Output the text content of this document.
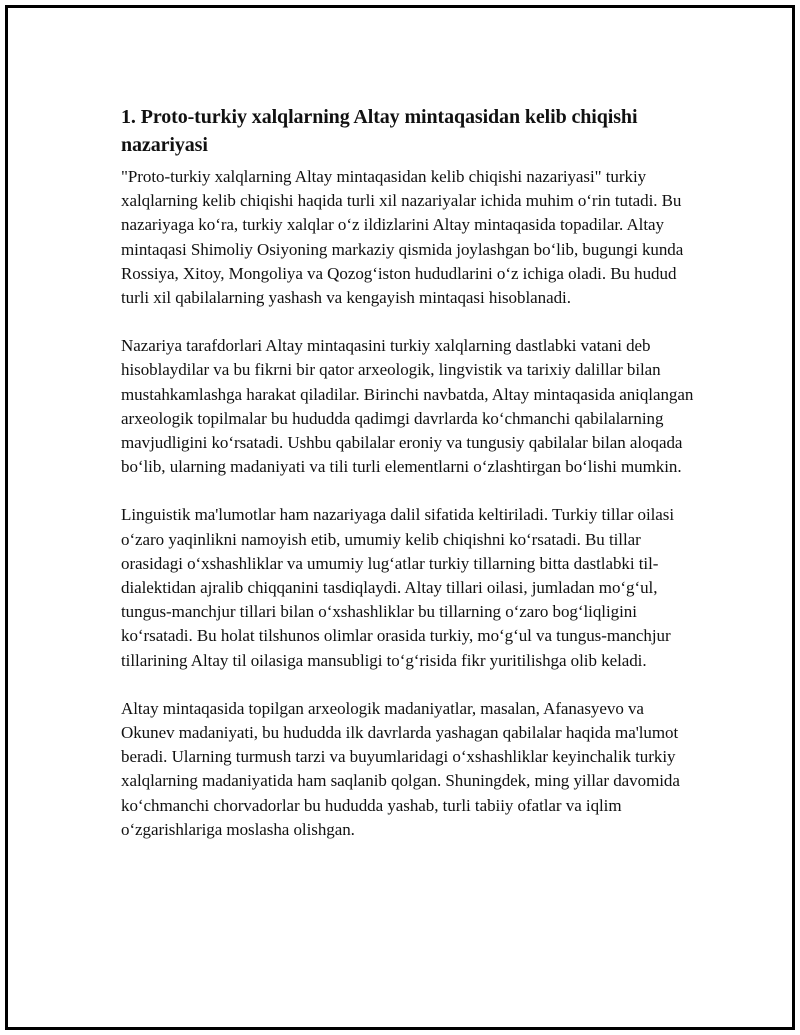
1. Proto-turkiy xalqlarning Altay mintaqasidan kelib chiqishi nazariyasi

"Proto-turkiy xalqlarning Altay mintaqasidan kelib chiqishi nazariyasi" turkiy xalqlarning kelib chiqishi haqida turli xil nazariyalar ichida muhim o‘rin tutadi. Bu nazariyaga ko‘ra, turkiy xalqlar o‘z ildizlarini Altay mintaqasida topadilar. Altay mintaqasi Shimoliy Osiyoning markaziy qismida joylashgan bo‘lib, bugungi kunda Rossiya, Xitoy, Mongoliya va Qozog‘iston hududlarini o‘z ichiga oladi. Bu hudud turli xil qabilalarning yashash va kengayish mintaqasi hisoblanadi.

Nazariya tarafdorlari Altay mintaqasini turkiy xalqlarning dastlabki vatani deb hisoblaydilar va bu fikrni bir qator arxeologik, lingvistik va tarixiy dalillar bilan mustahkamlashga harakat qiladilar. Birinchi navbatda, Altay mintaqasida aniqlangan arxeologik topilmalar bu hududda qadimgi davrlarda ko‘chmanchi qabilalarning mavjudligini ko‘rsatadi. Ushbu qabilalar eroniy va tungusiy qabilalar bilan aloqada bo‘lib, ularning madaniyati va tili turli elementlarni o‘zlashtirgan bo‘lishi mumkin.

Linguistik ma'lumotlar ham nazariyaga dalil sifatida keltiriladi. Turkiy tillar oilasi o‘zaro yaqinlikni namoyish etib, umumiy kelib chiqishni ko‘rsatadi. Bu tillar orasidagi o‘xshashliklar va umumiy lug‘atlar turkiy tillarning bitta dastlabki til-dialektidan ajralib chiqqanini tasdiqlaydi. Altay tillari oilasi, jumladan mo‘g‘ul, tungus-manchjur tillari bilan o‘xshashliklar bu tillarning o‘zaro bog‘liqligini ko‘rsatadi. Bu holat tilshunos olimlar orasida turkiy, mo‘g‘ul va tungus-manchjur tillarining Altay til oilasiga mansubligi to‘g‘risida fikr yuritilishga olib keladi.

Altay mintaqasida topilgan arxeologik madaniyatlar, masalan, Afanasyevo va Okunev madaniyati, bu hududda ilk davrlarda yashagan qabilalar haqida ma'lumot beradi. Ularning turmush tarzi va buyumlaridagi o‘xshashliklar keyinchalik turkiy xalqlarning madaniyatida ham saqlanib qolgan. Shuningdek, ming yillar davomida ko‘chmanchi chorvadorlar bu hududda yashab, turli tabiiy ofatlar va iqlim o‘zgarishlariga moslasha olishgan.
